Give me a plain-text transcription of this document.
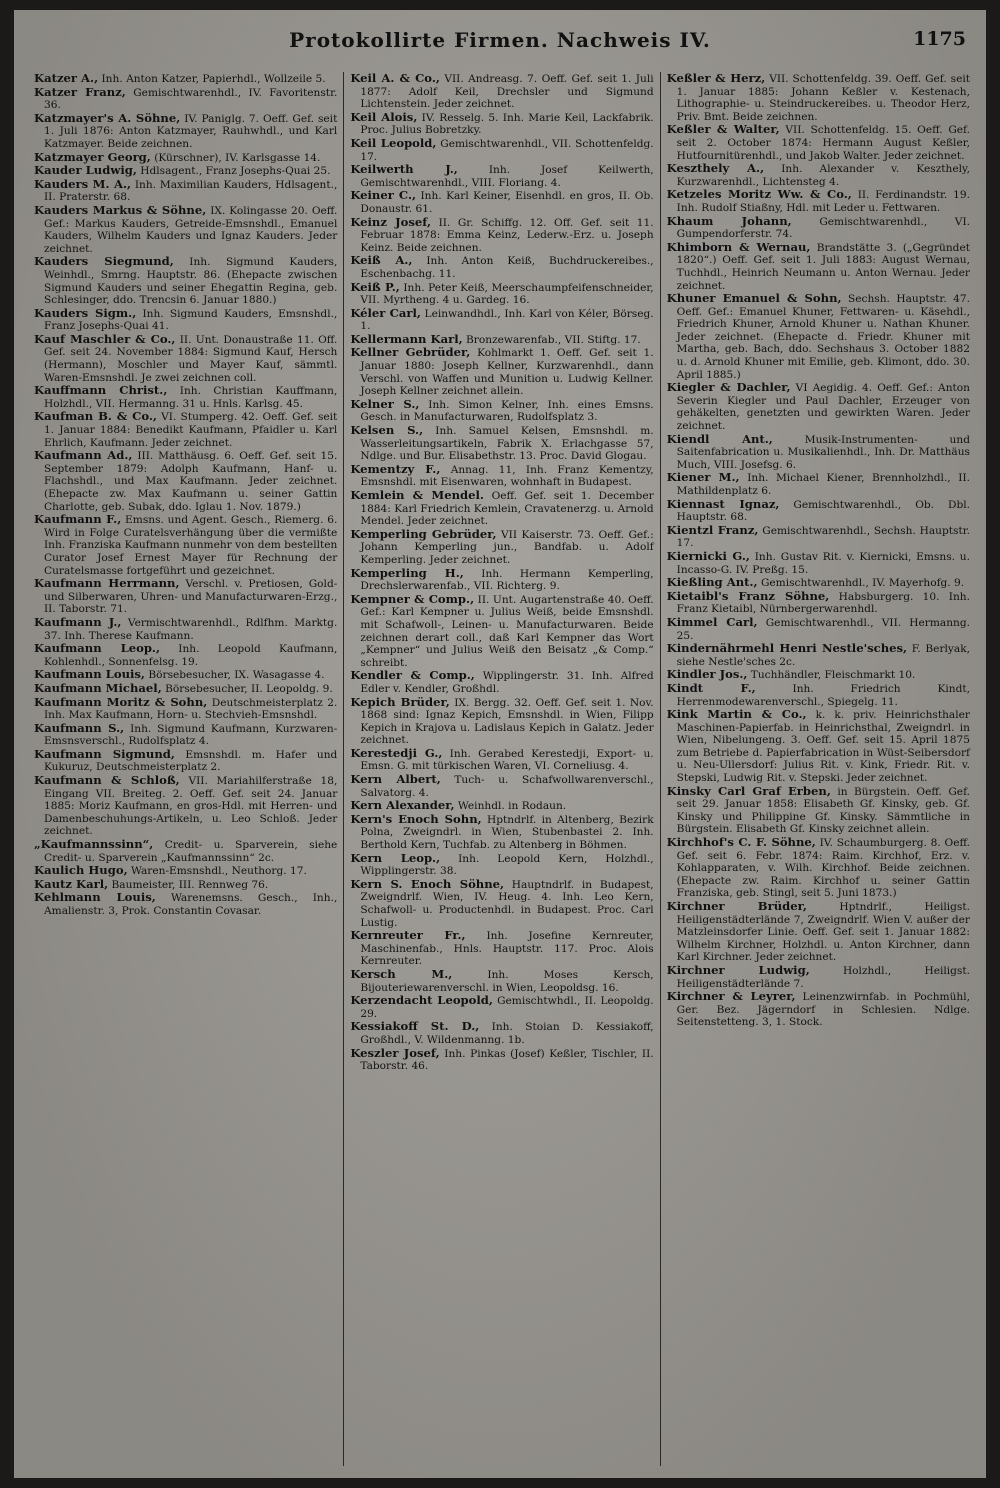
Protokollirte Firmen. Nachweis IV.	1175

Katzer A., Inh. Anton Katzer, Papierhdl., Wollzeile 5.

Katzer Franz, Gemischtwarenhdl., IV. Favoritenstr. 36.

Katzmayer's A. Söhne, IV. Paniglg. 7. Oeff. Gef. seit 1. Juli 1876: Anton Katzmayer, Rauhwhdl., und Karl Katzmayer. Beide zeichnen.

Katzmayer Georg, (Kürschner), IV. Karlsgasse 14.

Kauder Ludwig, Hdlsagent., Franz Josephs-Quai 25.

Kauders M. A., Inh. Maximilian Kauders, Hdlsagent., II. Praterstr. 68.

Kauders Markus & Söhne, IX. Kolingasse 20. Oeff. Gef.: Markus Kauders, Getreide-Emsnshdl., Emanuel Kauders, Wilhelm Kauders und Ignaz Kauders. Jeder zeichnet.

Kauders Siegmund, Inh. Sigmund Kauders, Weinhdl., Smrng. Hauptstr. 86. (Ehepacte zwischen Sigmund Kauders und seiner Ehegattin Regina, geb. Schlesinger, ddo. Trencsin 6. Januar 1880.)

Kauders Sigm., Inh. Sigmund Kauders, Emsnshdl., Franz Josephs-Quai 41.

Kauf Maschler & Co., II. Unt. Donaustraße 11. Off. Gef. seit 24. November 1884: Sigmund Kauf, Hersch (Hermann), Moschler und Mayer Kauf, sämmtl. Waren-Emsnshdl. Je zwei zeichnen coll.

Kauffmann Christ., Inh. Christian Kauffmann, Holzhdl., VII. Hermanng. 31 u. Hnls. Karlsg. 45.

Kaufman B. & Co., VI. Stumperg. 42. Oeff. Gef. seit 1. Januar 1884: Benedikt Kaufmann, Pfaidler u. Karl Ehrlich, Kaufmann. Jeder zeichnet.

Kaufmann Ad., III. Matthäusg. 6. Oeff. Gef. seit 15. September 1879: Adolph Kaufmann, Hanf- u. Flachshdl., und Max Kaufmann. Jeder zeichnet. (Ehepacte zw. Max Kaufmann u. seiner Gattin Charlotte, geb. Subak, ddo. Iglau 1. Nov. 1879.)

Kaufmann F., Emsns. und Agent. Gesch., Riemerg. 6. Wird in Folge Curatelsverhängung über die vermißte Inh. Franziska Kaufmann nunmehr von dem bestellten Curator Josef Ernest Mayer für Rechnung der Curatelsmasse fortgeführt und gezeichnet.

Kaufmann Herrmann, Verschl. v. Pretiosen, Gold- und Silberwaren, Uhren- und Manufacturwaren-Erzg., II. Taborstr. 71.

Kaufmann J., Vermischtwarenhdl., Rdlfhm. Marktg. 37. Inh. Therese Kaufmann.

Kaufmann Leop., Inh. Leopold Kaufmann, Kohlenhdl., Sonnenfelsg. 19.

Kaufmann Louis, Börsebesucher, IX. Wasagasse 4.

Kaufmann Michael, Börsebesucher, II. Leopoldg. 9.

Kaufmann Moritz & Sohn, Deutschmeisterplatz 2. Inh. Max Kaufmann, Horn- u. Stechvieh-Emsnshdl.

Kaufmann S., Inh. Sigmund Kaufmann, Kurzwaren-Emsnsverschl., Rudolfsplatz 4.

Kaufmann Sigmund, Emsnshdl. m. Hafer und Kukuruz, Deutschmeisterplatz 2.

Kaufmann & Schloß, VII. Mariahilferstraße 18, Eingang VII. Breiteg. 2. Oeff. Gef. seit 24. Januar 1885: Moriz Kaufmann, en gros-Hdl. mit Herren- und Damenbeschuhungs-Artikeln, u. Leo Schloß. Jeder zeichnet.

„Kaufmannssinn“, Credit- u. Sparverein, siehe Credit- u. Sparverein „Kaufmannssinn“ 2c.

Kaulich Hugo, Waren-Emsnshdl., Neuthorg. 17.

Kautz Karl, Baumeister, III. Rennweg 76.

Kehlmann Louis, Warenemsns. Gesch., Inh., Amalienstr. 3, Prok. Constantin Covasar.

Keil A. & Co., VII. Andreasg. 7. Oeff. Gef. seit 1. Juli 1877: Adolf Keil, Drechsler und Sigmund Lichtenstein. Jeder zeichnet.

Keil Alois, IV. Resselg. 5. Inh. Marie Keil, Lackfabrik. Proc. Julius Bobretzky.

Keil Leopold, Gemischtwarenhdl., VII. Schottenfeldg. 17.

Keilwerth J.,	Inh. Josef Keilwerth, Gemischtwarenhdl., VIII. Floriang. 4.

Keiner C., Inh. Karl Keiner, Eisenhdl. en gros, II. Ob. Donaustr. 61.

Keinz Josef, II. Gr. Schiffg. 12. Off. Gef. seit 11. Februar 1878: Emma Keinz, Lederw.-Erz. u. Joseph Keinz. Beide zeichnen.

Keiß A., Inh. Anton Keiß, Buchdruckereibes., Eschenbachg. 11.

Keiß P., Inh. Peter Keiß, Meerschaumpfeifenschneider, VII. Myrtheng. 4 u. Gardeg. 16.

Kéler Carl, Leinwandhdl., Inh. Karl von Kéler, Börseg. 1.

Kellermann Karl, Bronzewarenfab., VII. Stiftg. 17.

Kellner Gebrüder, Kohlmarkt 1. Oeff. Gef. seit 1. Januar 1880: Joseph Kellner, Kurzwarenhdl., dann Verschl. von Waffen und Munition u. Ludwig Kellner. Joseph Kellner zeichnet allein.

Kelner S., Inh. Simon Kelner, Inh. eines Emsns. Gesch. in Manufacturwaren, Rudolfsplatz 3.

Kelsen S., Inh. Samuel Kelsen, Emsnshdl. m. Wasserleitungsartikeln, Fabrik X. Erlachgasse 57, Ndlge. und Bur. Elisabethstr. 13. Proc. David Glogau.

Kementzy F., Annag. 11, Inh. Franz Kementzy, Emsnshdl. mit Eisenwaren, wohnhaft in Budapest.

Kemlein & Mendel. Oeff. Gef. seit 1. December 1884: Karl Friedrich Kemlein, Cravatenerzg. u. Arnold Mendel. Jeder zeichnet.

Kemperling Gebrüder, VII Kaiserstr. 73. Oeff. Gef.: Johann Kemperling jun., Bandfab. u. Adolf Kemperling. Jeder zeichnet.

Kemperling H., Inh. Hermann Kemperling, Drechslerwarenfab., VII. Richterg. 9.

Kempner & Comp., II. Unt. Augartenstraße 40. Oeff. Gef.: Karl Kempner u. Julius Weiß, beide Emsnshdl. mit Schafwoll-, Leinen- u. Manufacturwaren. Beide zeichnen derart coll., daß Karl Kempner das Wort „Kempner“ und Julius Weiß den Beisatz „& Comp.“ schreibt.

Kendler & Comp., Wipplingerstr. 31. Inh. Alfred Edler v. Kendler, Großhdl.

Kepich Brüder, IX. Bergg. 32. Oeff. Gef. seit 1. Nov. 1868 sind: Ignaz Kepich, Emsnshdl. in Wien, Filipp Kepich in Krajova u. Ladislaus Kepich in Galatz. Jeder zeichnet.

Kerestedji G., Inh. Gerabed Kerestedji, Export- u. Emsn. G. mit türkischen Waren, VI. Corneliusg. 4.

Kern Albert, Tuch- u. Schafwollwarenverschl., Salvatorg. 4.

Kern Alexander, Weinhdl. in Rodaun.

Kern's Enoch Sohn, Hptndrlf. in Altenberg, Bezirk Polna, Zweigndrl. in Wien, Stubenbastei 2. Inh. Berthold Kern, Tuchfab. zu Altenberg in Böhmen.

Kern Leop., Inh. Leopold Kern, Holzhdl., Wipplingerstr. 38.

Kern S. Enoch Söhne, Hauptndrlf. in Budapest, Zweigndrlf. Wien, IV. Heug. 4. Inh. Leo Kern, Schafwoll- u. Productenhdl. in Budapest. Proc. Carl Lustig.

Kernreuter Fr., Inh. Josefine Kernreuter, Maschinenfab., Hnls. Hauptstr. 117. Proc. Alois Kernreuter.

Kersch M.,	Inh. Moses Kersch, Bijouteriewarenverschl. in Wien, Leopoldsg. 16.

Kerzendacht Leopold, Gemischtwhdl., II. Leopoldg. 29.

Kessiakoff St. D., Inh. Stoian D. Kessiakoff, Großhdl., V. Wildenmanng. 1b.

Keszler Josef, Inh. Pinkas (Josef) Keßler, Tischler, II. Taborstr. 46.

Keßler & Herz, VII. Schottenfeldg. 39. Oeff. Gef. seit 1. Januar 1885: Johann Keßler v. Kestenach, Lithographie- u. Steindruckereibes. u. Theodor Herz, Priv. Bmt. Beide zeichnen.

Keßler & Walter, VII. Schottenfeldg. 15. Oeff. Gef. seit 2. October 1874: Hermann August Keßler, Hutfournitürenhdl., und Jakob Walter. Jeder zeichnet.

Keszthely A., Inh. Alexander v. Keszthely, Kurzwarenhdl., Lichtensteg 4.

Ketzeles Moritz Ww. & Co., II. Ferdinandstr. 19. Inh. Rudolf Stiaßny, Hdl. mit Leder u. Fettwaren.

Khaum Johann,	Gemischtwarenhdl., VI. Gumpendorferstr. 74.

Khimborn & Wernau, Brandstätte 3. („Gegründet 1820“.) Oeff. Gef. seit 1. Juli 1883: August Wernau, Tuchhdl., Heinrich Neumann u. Anton Wernau. Jeder zeichnet.

Khuner Emanuel & Sohn, Sechsh. Hauptstr. 47. Oeff. Gef.: Emanuel Khuner, Fettwaren- u. Käsehdl., Friedrich Khuner, Arnold Khuner u. Nathan Khuner. Jeder zeichnet. (Ehepacte d. Friedr. Khuner mit Martha, geb. Bach, ddo. Sechshaus 3. October 1882 u. d. Arnold Khuner mit Emilie, geb. Klimont, ddo. 30. April 1885.)

Kiegler & Dachler, VI Aegidig. 4. Oeff. Gef.: Anton Severin Kiegler und Paul Dachler, Erzeuger von gehäkelten, genetzten und gewirkten Waren. Jeder zeichnet.

Kiendl Ant.,	Musik-Instrumenten- und Saitenfabrication u. Musikalienhdl., Inh. Dr. Matthäus Much, VIII. Josefsg. 6.

Kiener M., Inh. Michael Kiener, Brennholzhdl., II. Mathildenplatz 6.

Kiennast Ignaz, Gemischtwarenhdl., Ob. Dbl. Hauptstr. 68.

Kientzl Franz, Gemischtwarenhdl., Sechsh. Hauptstr. 17.

Kiernicki G., Inh. Gustav Rit. v. Kiernicki, Emsns. u. Incasso-G. IV. Preßg. 15.

Kießling Ant., Gemischtwarenhdl., IV. Mayerhofg. 9.

Kietaibl's Franz Söhne, Habsburgerg. 10. Inh. Franz Kietaibl, Nürnbergerwarenhdl.

Kimmel Carl, Gemischtwarenhdl., VII. Hermanng. 25.

Kindernährmehl Henri Nestle'sches, F. Berlyak, siehe Nestle'sches 2c.

Kindler Jos., Tuchhändler, Fleischmarkt 10.

Kindt F.,	Inh. Friedrich Kindt, Herrenmodewarenverschl., Spiegelg. 11.

Kink Martin & Co., k. k. priv. Heinrichsthaler Maschinen-Papierfab. in Heinrichsthal, Zweigndrl. in Wien, Nibelungeng. 3. Oeff. Gef. seit 15. April 1875 zum Betriebe d. Papierfabrication in Wüst-Seibersdorf u. Neu-Ullersdorf: Julius Rit. v. Kink, Friedr. Rit. v. Stepski, Ludwig Rit. v. Stepski. Jeder zeichnet.

Kinsky Carl Graf Erben, in Bürgstein. Oeff. Gef. seit 29. Januar 1858: Elisabeth Gf. Kinsky, geb. Gf. Kinsky und Philippine Gf. Kinsky. Sämmtliche in Bürgstein. Elisabeth Gf. Kinsky zeichnet allein.

Kirchhof's C. F. Söhne, IV. Schaumburgerg. 8. Oeff. Gef. seit 6. Febr. 1874: Raim. Kirchhof, Erz. v. Kohlapparaten, v. Wilh. Kirchhof. Beide zeichnen. (Ehepacte zw. Raim. Kirchhof u. seiner Gattin Franziska, geb. Stingl, seit 5. Juni 1873.)

Kirchner Brüder,	Hptndrlf., Heiligst. Heiligenstädterlände 7, Zweigndrlf. Wien V. außer der Matzleinsdorfer Linie. Oeff. Gef. seit 1. Januar 1882: Wilhelm Kirchner, Holzhdl. u. Anton Kirchner, dann Karl Kirchner. Jeder zeichnet.

Kirchner Ludwig,	Holzhdl., Heiligst. Heiligenstädterlände 7.

Kirchner & Leyrer, Leinenzwirnfab. in Pochmühl, Ger. Bez. Jägerndorf in Schlesien. Ndlge. Seitenstetteng. 3, 1. Stock.
